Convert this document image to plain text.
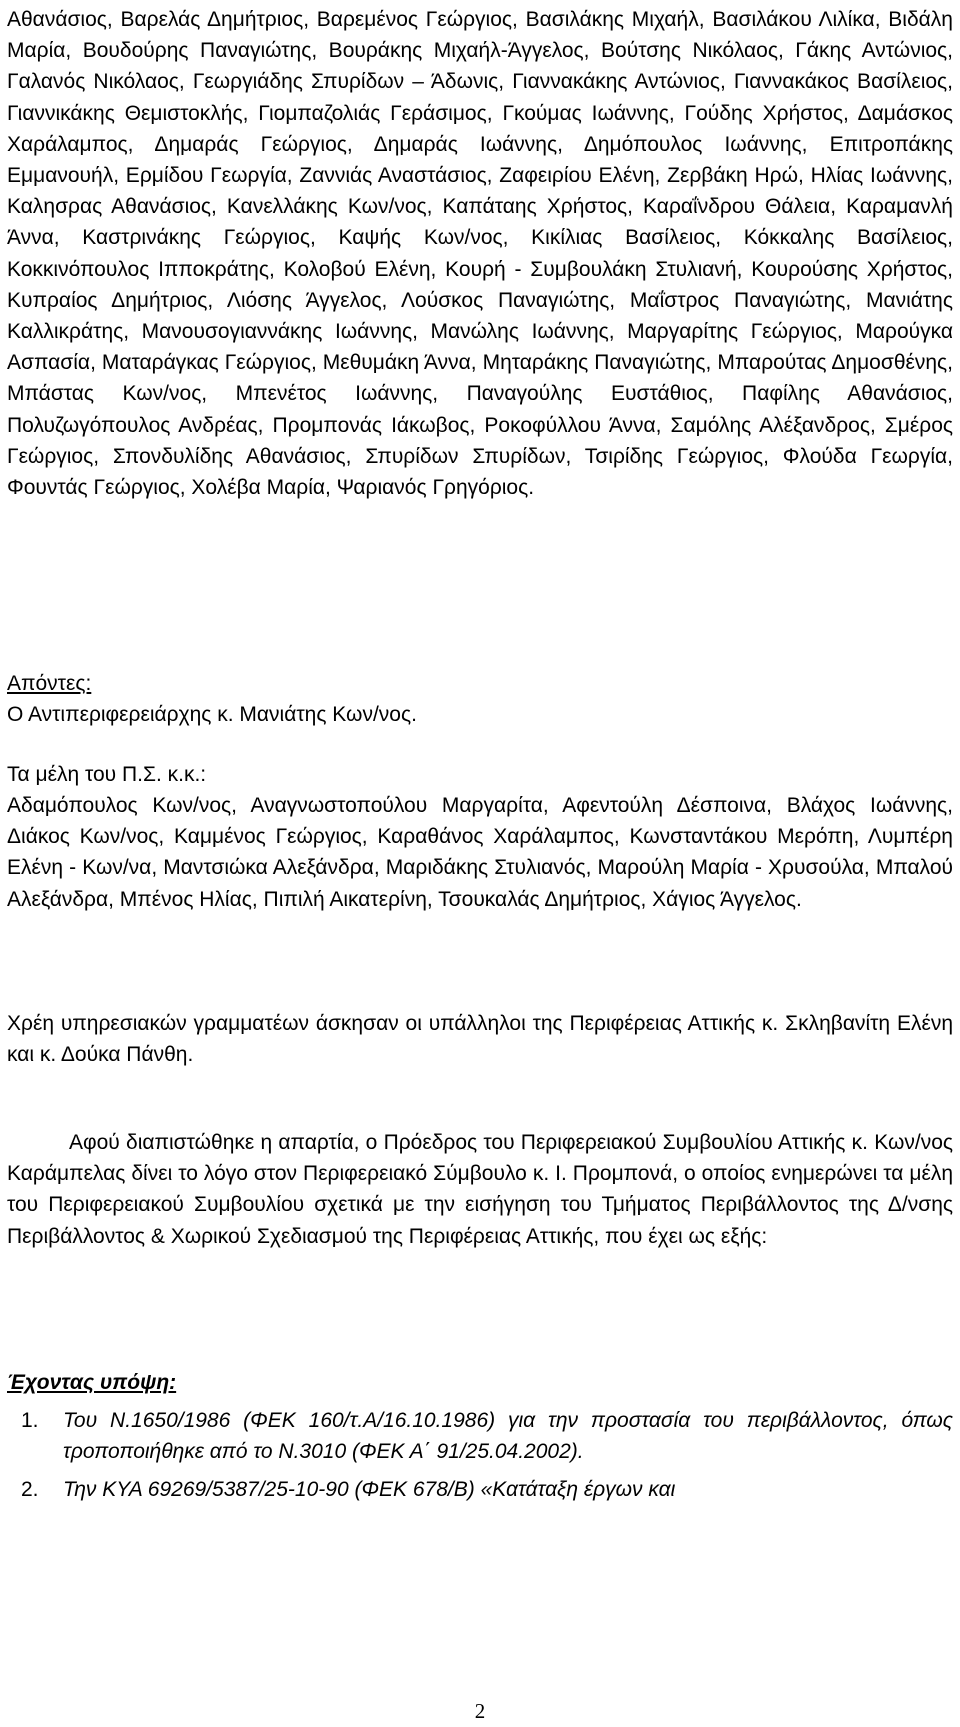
Αθανάσιος, Βαρελάς Δημήτριος, Βαρεμένος Γεώργιος, Βασιλάκης Μιχαήλ, Βασιλάκου Λιλίκα, Βιδάλη Μαρία, Βουδούρης Παναγιώτης, Βουράκης Μιχαήλ-Άγγελος, Βούτσης Νικόλαος, Γάκης Αντώνιος, Γαλανός Νικόλαος, Γεωργιάδης Σπυρίδων – Άδωνις, Γιαννακάκης Αντώνιος, Γιαννακάκος Βασίλειος, Γιαννικάκης Θεμιστοκλής, Γιομπαζολιάς Γεράσιμος, Γκούμας Ιωάννης, Γούδης Χρήστος, Δαμάσκος Χαράλαμπος, Δημαράς Γεώργιος, Δημαράς Ιωάννης, Δημόπουλος Ιωάννης, Επιτροπάκης Εμμανουήλ, Ερμίδου Γεωργία, Ζαννιάς Αναστάσιος, Ζαφειρίου Ελένη, Ζερβάκη Ηρώ, Ηλίας Ιωάννης, Καλησρας Αθανάσιος, Κανελλάκης Κων/νος, Καπάταης Χρήστος, Καραΐνδρου Θάλεια, Καραμανλή Άννα, Καστρινάκης Γεώργιος, Καψής Κων/νος, Κικίλιας Βασίλειος, Κόκκαλης Βασίλειος, Κοκκινόπουλος Ιπποκράτης, Κολοβού Ελένη, Κουρή - Συμβουλάκη Στυλιανή, Κουρούσης Χρήστος, Κυπραίος Δημήτριος, Λιόσης Άγγελος, Λούσκος Παναγιώτης, Μαΐστρος Παναγιώτης, Μανιάτης Καλλικράτης, Μανουσογιαννάκης Ιωάννης, Μανώλης Ιωάννης, Μαργαρίτης Γεώργιος, Μαρούγκα Ασπασία, Ματαράγκας Γεώργιος, Μεθυμάκη Άννα, Μηταράκης Παναγιώτης, Μπαρούτας Δημοσθένης, Μπάστας Κων/νος, Μπενέτος Ιωάννης, Παναγούλης Ευστάθιος, Παφίλης Αθανάσιος, Πολυζωγόπουλος Ανδρέας, Προμπονάς Ιάκωβος, Ροκοφύλλου Άννα, Σαμόλης Αλέξανδρος, Σμέρος Γεώργιος, Σπονδυλίδης Αθανάσιος, Σπυρίδων Σπυρίδων, Τσιρίδης Γεώργιος, Φλούδα Γεωργία, Φουντάς Γεώργιος, Χολέβα Μαρία, Ψαριανός Γρηγόριος.

Απόντες:

Ο Αντιπεριφερειάρχης κ. Μανιάτης Κων/νος.

Τα μέλη του Π.Σ. κ.κ.:

Αδαμόπουλος Κων/νος, Αναγνωστοπούλου Μαργαρίτα, Αφεντούλη Δέσποινα, Βλάχος Ιωάννης, Διάκος Κων/νος, Καμμένος Γεώργιος, Καραθάνος Χαράλαμπος, Κωνσταντάκου Μερόπη, Λυμπέρη Ελένη - Κων/να, Μαντσιώκα Αλεξάνδρα, Μαριδάκης Στυλιανός, Μαρούλη Μαρία - Χρυσούλα, Μπαλού Αλεξάνδρα, Μπένος Ηλίας, Πιπιλή Αικατερίνη, Τσουκαλάς Δημήτριος, Χάγιος Άγγελος.

Χρέη υπηρεσιακών γραμματέων άσκησαν οι υπάλληλοι της Περιφέρειας Αττικής κ. Σκληβανίτη Ελένη και κ. Δούκα Πάνθη.

Αφού διαπιστώθηκε η απαρτία, ο Πρόεδρος του Περιφερειακού Συμβουλίου Αττικής κ. Κων/νος Καράμπελας δίνει το λόγο στον Περιφερειακό Σύμβουλο κ. Ι. Προμπονά, ο οποίος ενημερώνει τα μέλη του Περιφερειακού Συμβουλίου σχετικά με την εισήγηση του Τμήματος Περιβάλλοντος της Δ/νσης Περιβάλλοντος & Χωρικού Σχεδιασμού της Περιφέρειας Αττικής, που έχει ως εξής:

Έχοντας υπόψη:

1. Του Ν.1650/1986 (ΦΕΚ 160/τ.Α/16.10.1986) για την προστασία του περιβάλλοντος, όπως τροποποιήθηκε από το Ν.3010 (ΦΕΚ Α΄ 91/25.04.2002).
2. Την ΚΥΑ 69269/5387/25-10-90 (ΦΕΚ 678/Β) «Κατάταξη έργων και
2
